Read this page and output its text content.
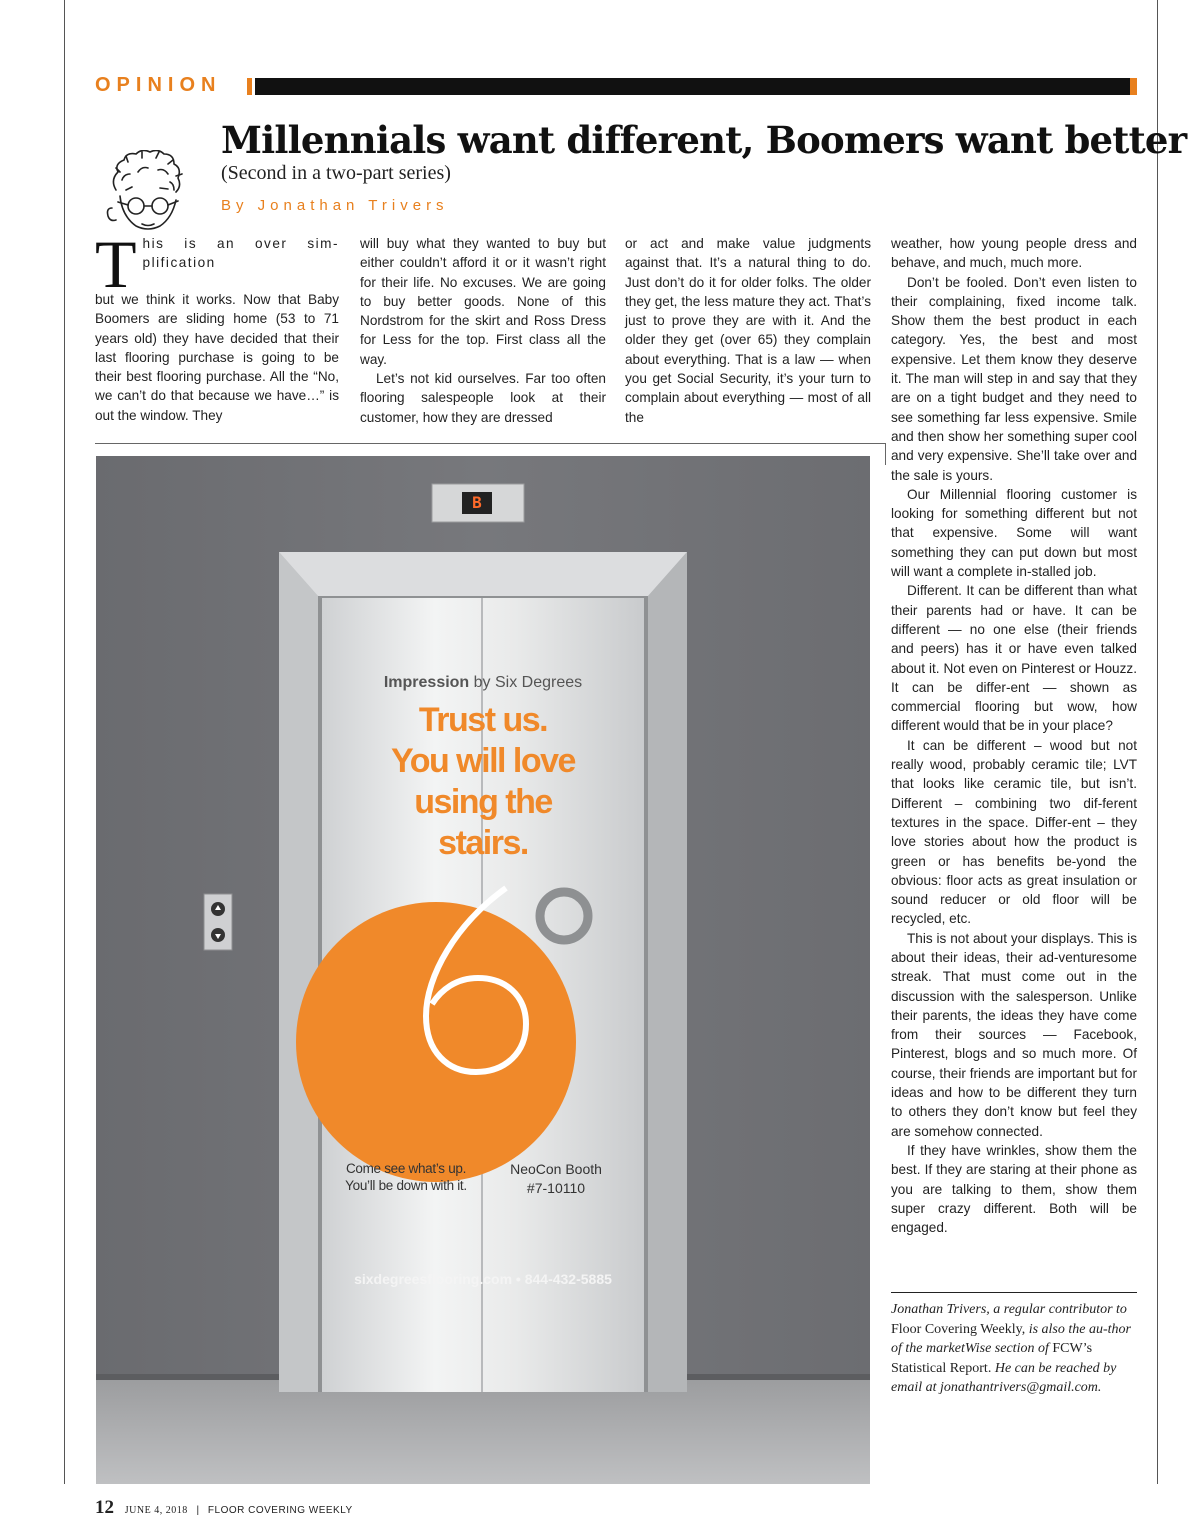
OPINION
Millennials want different, Boomers want better
(Second in a two-part series)
By Jonathan Trivers
T his is an over sim-plification

but we think it works. Now that Baby Boomers are sliding home (53 to 71 years old) they have decided that their last flooring purchase is going to be their best flooring purchase. All the “No, we can’t do that because we have…” is out the window. They

will buy what they wanted to buy but either couldn’t afford it or it wasn’t right for their life. No excuses. We are going to buy better goods. None of this Nordstrom for the skirt and Ross Dress for Less for the top. First class all the way.

Let’s not kid ourselves. Far too often flooring salespeople look at their customer, how they are dressed

or act and make value judgments against that. It’s a natural thing to do. Just don’t do it for older folks. The older they get, the less mature they act. That’s just to prove they are with it. And the older they get (over 65) they complain about everything. That is a law — when you get Social Security, it’s your turn to complain about everything — most of all the

weather, how young people dress and behave, and much, much more.

Don’t be fooled. Don’t even listen to their complaining, fixed income talk. Show them the best product in each category. Yes, the best and most expensive. Let them know they deserve it. The man will step in and say that they are on a tight budget and they need to see something far less expensive. Smile and then show her something super cool and very expensive. She’ll take over and the sale is yours.

Our Millennial flooring customer is looking for something different but not that expensive. Some will want something they can put down but most will want a complete in-stalled job.

Different. It can be different than what their parents had or have. It can be different — no one else (their friends and peers) has it or have even talked about it. Not even on Pinterest or Houzz. It can be differ-ent — shown as commercial flooring but wow, how different would that be in your place?

It can be different – wood but not really wood, probably ceramic tile; LVT that looks like ceramic tile, but isn’t. Different – combining two dif-ferent textures in the space. Differ-ent – they love stories about how the product is green or has benefits be-yond the obvious: floor acts as great insulation or sound reducer or old floor will be recycled, etc.

This is not about your displays. This is about their ideas, their ad-venturesome streak. That must come out in the discussion with the salesperson. Unlike their parents, the ideas they have come from their sources — Facebook, Pinterest, blogs and so much more. Of course, their friends are important but for ideas and how to be different they turn to others they don’t know but feel they are somehow connected.

If they have wrinkles, show them the best. If they are staring at their phone as you are talking to them, show them super crazy different. Both will be engaged.

B
Impression by Six Degrees
Trust us.
You will love
using the
stairs.
Come see what’s up.
You’ll be down with it.
NeoCon Booth
#7-10110
sixdegreesflooring.com • 844-432-5885
Jonathan Trivers, a regular contributor to Floor Covering Weekly, is also the au-thor of the marketWise section of FCW’s Statistical Report. He can be reached by email at jonathantrivers@gmail.com.
12 JUNE 4, 2018 | FLOOR COVERING WEEKLY
